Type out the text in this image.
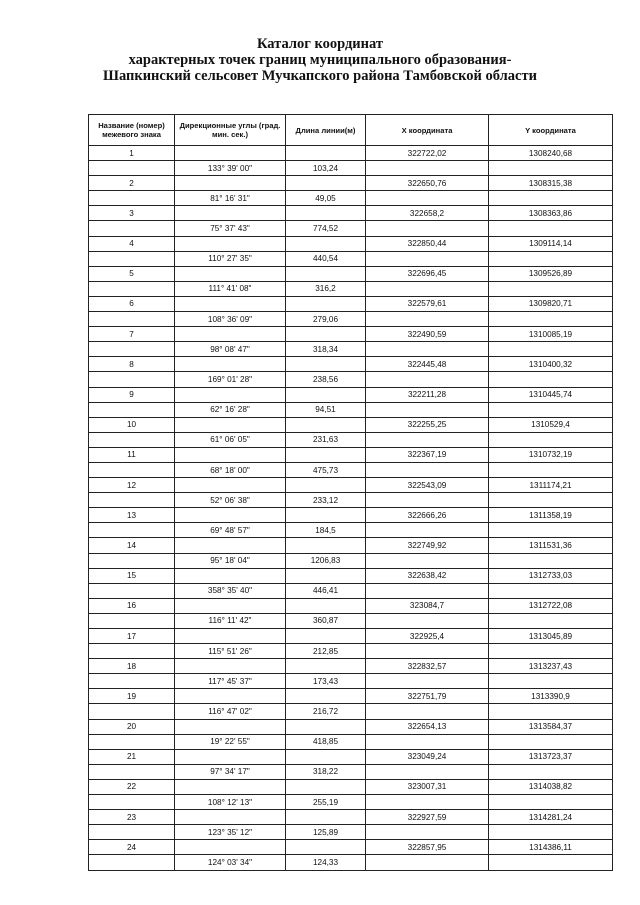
Каталог координат
характерных точек границ муниципального образования-
Шапкинский сельсовет Мучкапского района Тамбовской области
Название (номер) межевого знака	Дирекционные углы (град. мин. сек.)	Длина линии(м)	X координата	Y координата
1			322722,02	1308240,68
	133° 39' 00"	103,24		
2			322650,76	1308315,38
	81° 16' 31"	49,05		
3			322658,2	1308363,86
	75° 37' 43"	774,52		
4			322850,44	1309114,14
	110° 27' 35"	440,54		
5			322696,45	1309526,89
	111° 41' 08"	316,2		
6			322579,61	1309820,71
	108° 36' 09"	279,06		
7			322490,59	1310085,19
	98° 08' 47"	318,34		
8			322445,48	1310400,32
	169° 01' 28"	238,56		
9			322211,28	1310445,74
	62° 16' 28"	94,51		
10			322255,25	1310529,4
	61° 06' 05"	231,63		
11			322367,19	1310732,19
	68° 18' 00"	475,73		
12			322543,09	1311174,21
	52° 06' 38"	233,12		
13			322666,26	1311358,19
	69° 48' 57"	184,5		
14			322749,92	1311531,36
	95° 18' 04"	1206,83		
15			322638,42	1312733,03
	358° 35' 40"	446,41		
16			323084,7	1312722,08
	116° 11' 42"	360,87		
17			322925,4	1313045,89
	115° 51' 26"	212,85		
18			322832,57	1313237,43
	117° 45' 37"	173,43		
19			322751,79	1313390,9
	116° 47' 02"	216,72		
20			322654,13	1313584,37
	19° 22' 55"	418,85		
21			323049,24	1313723,37
	97° 34' 17"	318,22		
22			323007,31	1314038,82
	108° 12' 13"	255,19		
23			322927,59	1314281,24
	123° 35' 12"	125,89		
24			322857,95	1314386,11
	124° 03' 34"	124,33		
